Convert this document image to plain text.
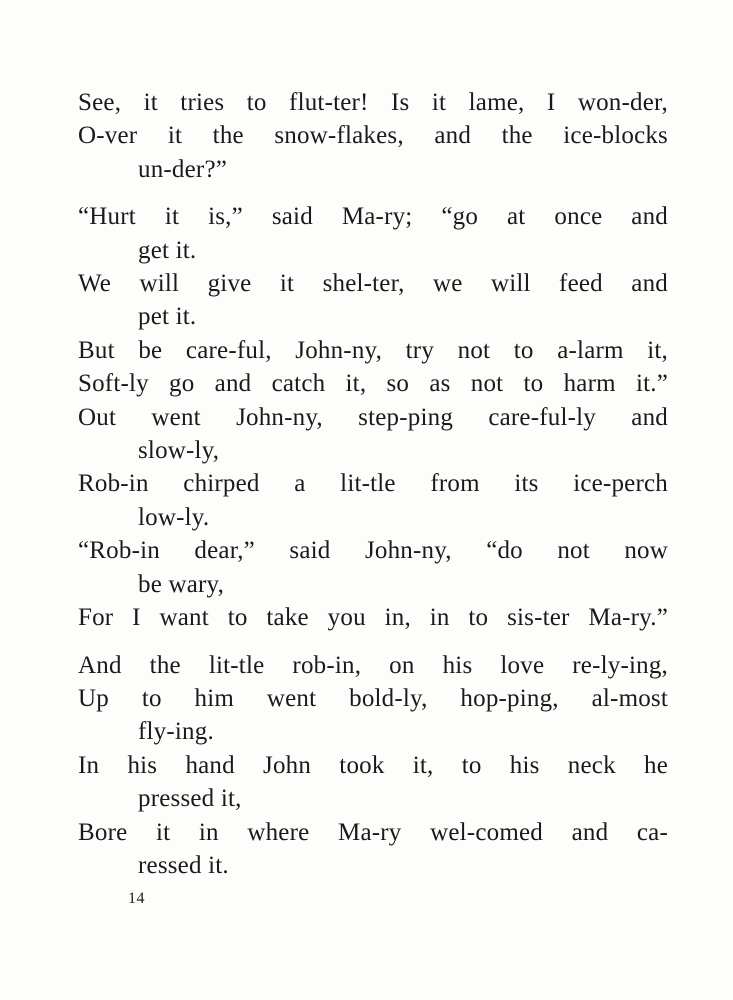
See, it tries to flut-ter! Is it lame, I won-der,
O-ver it the snow-flakes, and the ice-blocks
un-der?”
“Hurt it is,” said Ma-ry; “go at once and
get it.
We will give it shel-ter, we will feed and
pet it.
But be care-ful, John-ny, try not to a-larm it,
Soft-ly go and catch it, so as not to harm it.”
Out went John-ny, step-ping care-ful-ly and
slow-ly,
Rob-in chirped a lit-tle from its ice-perch
low-ly.
“Rob-in dear,” said John-ny, “do not now
be wary,
For I want to take you in, in to sis-ter Ma-ry.”
And the lit-tle rob-in, on his love re-ly-ing,
Up to him went bold-ly, hop-ping, al-most
fly-ing.
In his hand John took it, to his neck he
pressed it,
Bore it in where Ma-ry wel-comed and ca-
ressed it.
14
